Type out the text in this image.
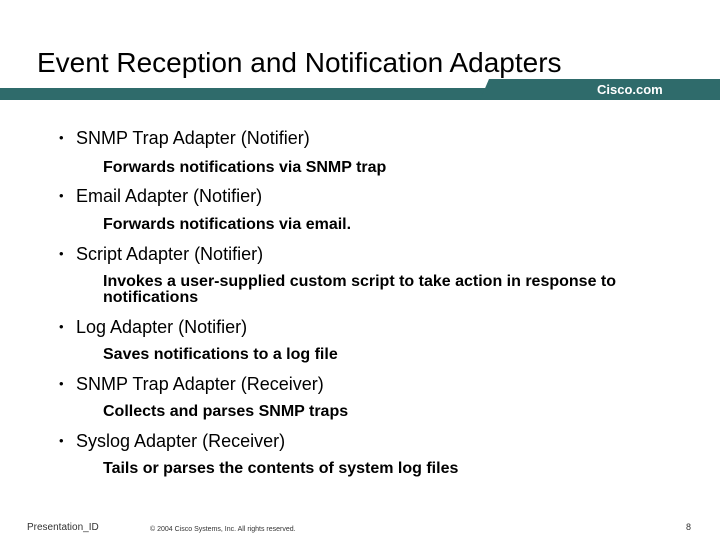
Event Reception and Notification Adapters
Cisco.com
• SNMP Trap Adapter (Notifier)
Forwards notifications via SNMP trap
• Email Adapter (Notifier)
Forwards notifications via email.
• Script Adapter (Notifier)
Invokes a user-supplied custom script to take action in response to notifications
• Log Adapter (Notifier)
Saves notifications to a log file
• SNMP Trap Adapter (Receiver)
Collects and parses SNMP traps
• Syslog Adapter (Receiver)
Tails or parses the contents of system log files
Presentation_ID	© 2004 Cisco Systems, Inc. All rights reserved.	8
